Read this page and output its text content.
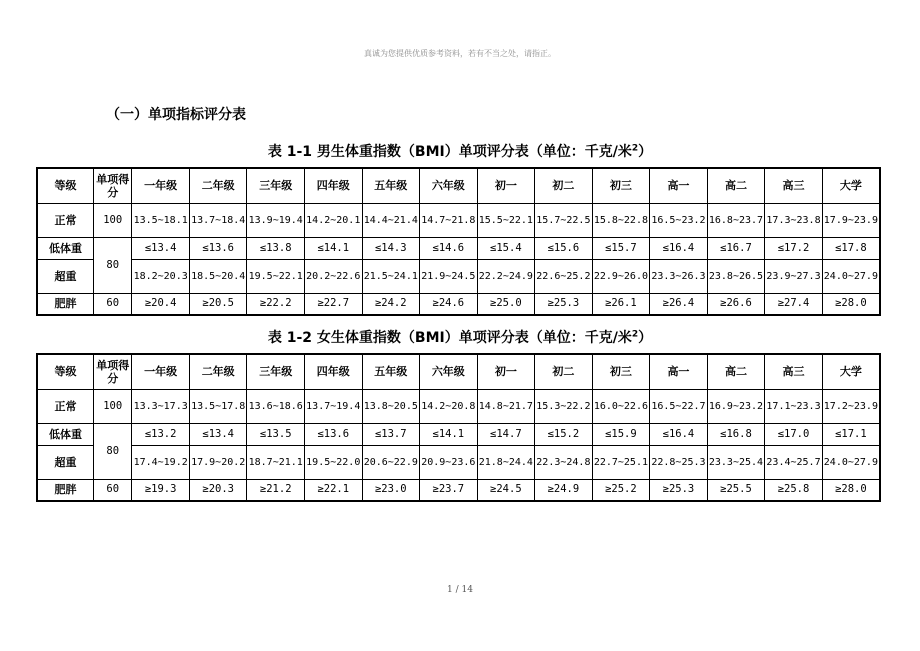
真诚为您提供优质参考资料，若有不当之处，请指正。
（一）单项指标评分表
表 1-1 男生体重指数（BMI）单项评分表（单位：千克/米$^2$）
等级	单项得分	一年级	二年级	三年级	四年级	五年级	六年级	初一	初二	初三	高一	高二	高三	大学
正常	100	13.5~18.1	13.7~18.4	13.9~19.4	14.2~20.1	14.4~21.4	14.7~21.8	15.5~22.1	15.7~22.5	15.8~22.8	16.5~23.2	16.8~23.7	17.3~23.8	17.9~23.9
低体重	80	≤13.4	≤13.6	≤13.8	≤14.1	≤14.3	≤14.6	≤15.4	≤15.6	≤15.7	≤16.4	≤16.7	≤17.2	≤17.8
超重		18.2~20.3	18.5~20.4	19.5~22.1	20.2~22.6	21.5~24.1	21.9~24.5	22.2~24.9	22.6~25.2	22.9~26.0	23.3~26.3	23.8~26.5	23.9~27.3	24.0~27.9
肥胖	60	≥20.4	≥20.5	≥22.2	≥22.7	≥24.2	≥24.6	≥25.0	≥25.3	≥26.1	≥26.4	≥26.6	≥27.4	≥28.0
表 1-2 女生体重指数（BMI）单项评分表（单位：千克/米$^2$）
等级	单项得分	一年级	二年级	三年级	四年级	五年级	六年级	初一	初二	初三	高一	高二	高三	大学
正常	100	13.3~17.3	13.5~17.8	13.6~18.6	13.7~19.4	13.8~20.5	14.2~20.8	14.8~21.7	15.3~22.2	16.0~22.6	16.5~22.7	16.9~23.2	17.1~23.3	17.2~23.9
低体重	80	≤13.2	≤13.4	≤13.5	≤13.6	≤13.7	≤14.1	≤14.7	≤15.2	≤15.9	≤16.4	≤16.8	≤17.0	≤17.1
超重		17.4~19.2	17.9~20.2	18.7~21.1	19.5~22.0	20.6~22.9	20.9~23.6	21.8~24.4	22.3~24.8	22.7~25.1	22.8~25.3	23.3~25.4	23.4~25.7	24.0~27.9
肥胖	60	≥19.3	≥20.3	≥21.2	≥22.1	≥23.0	≥23.7	≥24.5	≥24.9	≥25.2	≥25.3	≥25.5	≥25.8	≥28.0
1 / 14
